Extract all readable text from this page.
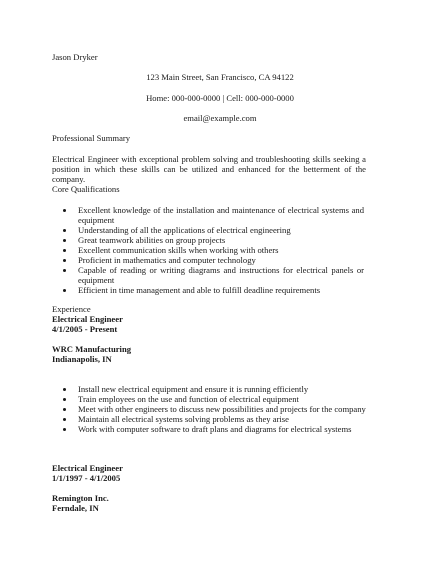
Jason Dryker
123 Main Street, San Francisco, CA 94122
Home: 000-000-0000 | Cell: 000-000-0000
email@example.com
Professional Summary
Electrical Engineer with exceptional problem solving and troubleshooting skills seeking a position in which these skills can be utilized and enhanced for the betterment of the company.
Core Qualifications
Excellent knowledge of the installation and maintenance of electrical systems and equipment
Understanding of all the applications of electrical engineering
Great teamwork abilities on group projects
Excellent communication skills when working with others
Proficient in mathematics and computer technology
Capable of reading or writing diagrams and instructions for electrical panels or equipment
Efficient in time management and able to fulfill deadline requirements
Experience
Electrical Engineer
4/1/2005 - Present
WRC Manufacturing
Indianapolis, IN
Install new electrical equipment and ensure it is running efficiently
Train employees on the use and function of electrical equipment
Meet with other engineers to discuss new possibilities and projects for the company
Maintain all electrical systems solving problems as they arise
Work with computer software to draft plans and diagrams for electrical systems
Electrical Engineer
1/1/1997 - 4/1/2005
Remington Inc.
Ferndale, IN
